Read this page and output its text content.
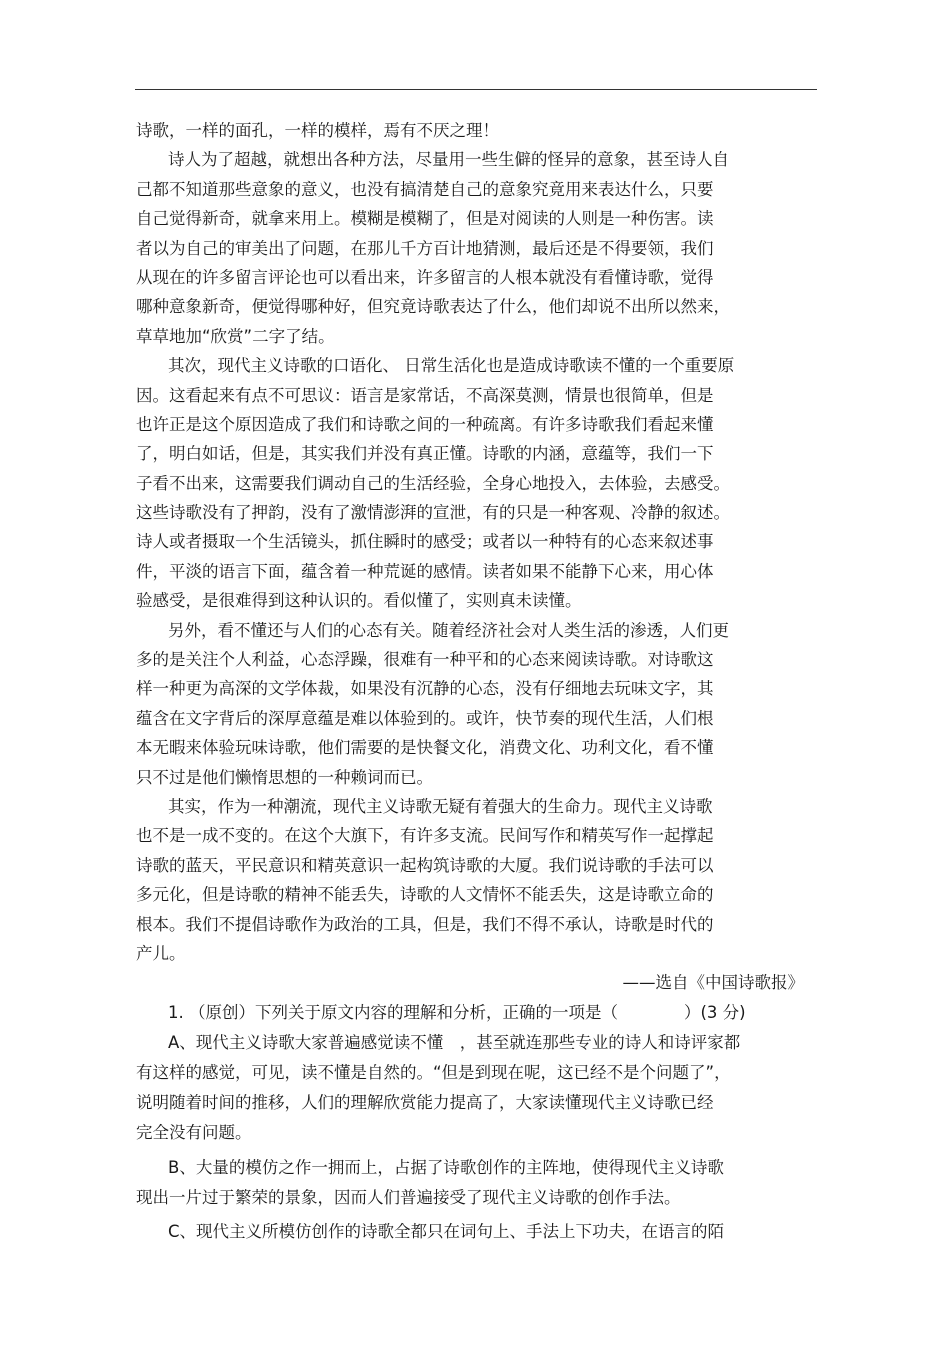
诗歌，一样的面孔，一样的模样，焉有不厌之理！
诗人为了超越，就想出各种方法，尽量用一些生僻的怪异的意象，甚至诗人自
己都不知道那些意象的意义，也没有搞清楚自己的意象究竟用来表达什么，只要
自己觉得新奇，就拿来用上。模糊是模糊了，但是对阅读的人则是一种伤害。读
者以为自己的审美出了问题，在那儿千方百计地猜测，最后还是不得要领，我们
从现在的许多留言评论也可以看出来，许多留言的人根本就没有看懂诗歌，觉得
哪种意象新奇，便觉得哪种好，但究竟诗歌表达了什么，他们却说不出所以然来，
草草地加“欣赏”二字了结。
其次，现代主义诗歌的口语化、 日常生活化也是造成诗歌读不懂的一个重要原
因。这看起来有点不可思议：语言是家常话，不高深莫测，情景也很简单，但是
也许正是这个原因造成了我们和诗歌之间的一种疏离。有许多诗歌我们看起来懂
了，明白如话，但是，其实我们并没有真正懂。诗歌的内涵，意蕴等，我们一下
子看不出来，这需要我们调动自己的生活经验，全身心地投入，去体验，去感受。
这些诗歌没有了押韵，没有了激情澎湃的宣泄，有的只是一种客观、冷静的叙述。
诗人或者摄取一个生活镜头，抓住瞬时的感受；或者以一种特有的心态来叙述事
件，平淡的语言下面，蕴含着一种荒诞的感情。读者如果不能静下心来，用心体
验感受，是很难得到这种认识的。看似懂了，实则真未读懂。
另外，看不懂还与人们的心态有关。随着经济社会对人类生活的渗透，人们更
多的是关注个人利益，心态浮躁，很难有一种平和的心态来阅读诗歌。对诗歌这
样一种更为高深的文学体裁，如果没有沉静的心态，没有仔细地去玩味文字，其
蕴含在文字背后的深厚意蕴是难以体验到的。或许，快节奏的现代生活，人们根
本无暇来体验玩味诗歌，他们需要的是快餐文化，消费文化、功利文化，看不懂
只不过是他们懒惰思想的一种赖词而已。
其实，作为一种潮流，现代主义诗歌无疑有着强大的生命力。现代主义诗歌
也不是一成不变的。在这个大旗下，有许多支流。民间写作和精英写作一起撑起
诗歌的蓝天，平民意识和精英意识一起构筑诗歌的大厦。我们说诗歌的手法可以
多元化，但是诗歌的精神不能丢失，诗歌的人文情怀不能丢失，这是诗歌立命的
根本。我们不提倡诗歌作为政治的工具，但是，我们不得不承认，诗歌是时代的
产儿。
——选自《中国诗歌报》
1. （原创）下列关于原文内容的理解和分析，正确的一项是（　　　　）(3 分)
A、现代主义诗歌大家普遍感觉读不懂　，甚至就连那些专业的诗人和诗评家都
有这样的感觉，可见，读不懂是自然的。“但是到现在呢，这已经不是个问题了”，
说明随着时间的推移，人们的理解欣赏能力提高了，大家读懂现代主义诗歌已经
完全没有问题。
B、大量的模仿之作一拥而上，占据了诗歌创作的主阵地，使得现代主义诗歌
现出一片过于繁荣的景象，因而人们普遍接受了现代主义诗歌的创作手法。
C、现代主义所模仿创作的诗歌全都只在词句上、手法上下功夫，在语言的陌
